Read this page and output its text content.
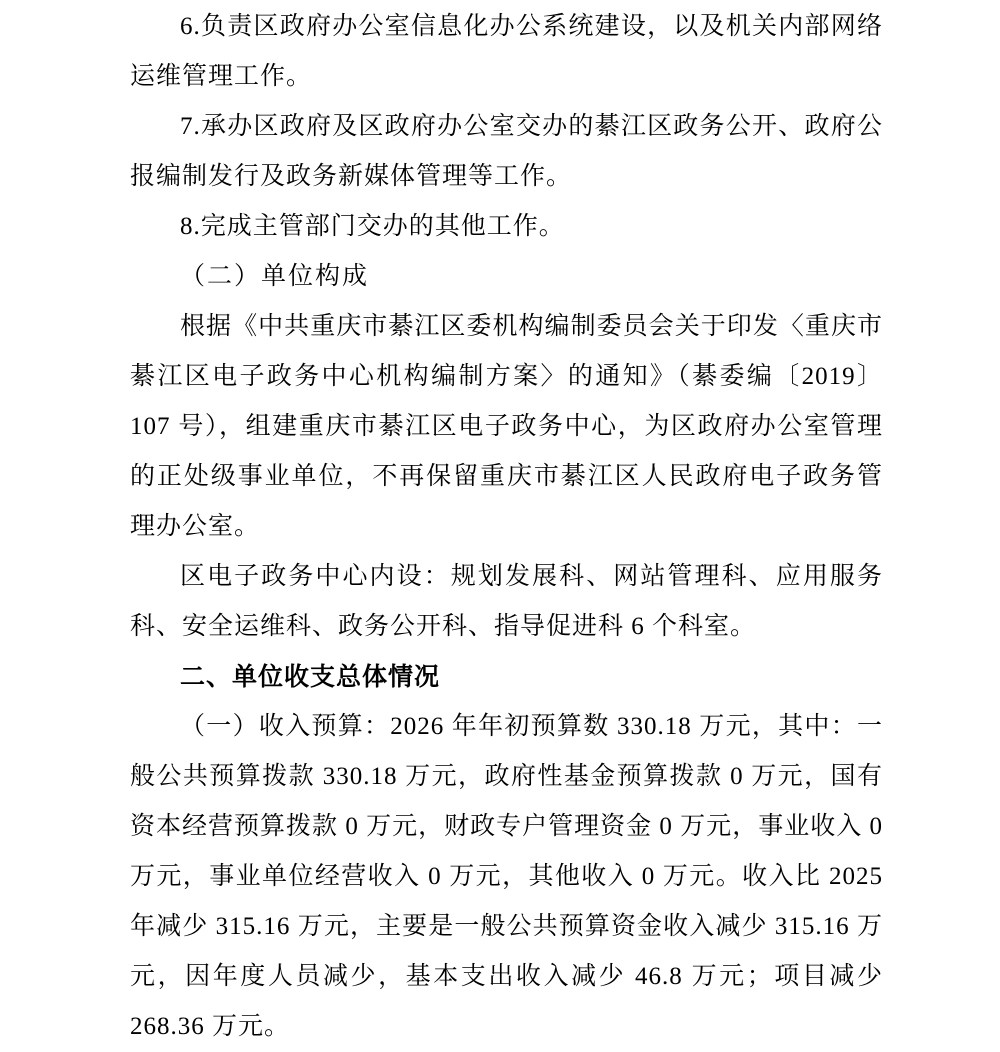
6.负责区政府办公室信息化办公系统建设，以及机关内部网络运维管理工作。

7.承办区政府及区政府办公室交办的綦江区政务公开、政府公报编制发行及政务新媒体管理等工作。

8.完成主管部门交办的其他工作。

（二）单位构成

根据《中共重庆市綦江区委机构编制委员会关于印发〈重庆市綦江区电子政务中心机构编制方案〉的通知》（綦委编〔2019〕107 号），组建重庆市綦江区电子政务中心，为区政府办公室管理的正处级事业单位，不再保留重庆市綦江区人民政府电子政务管理办公室。

区电子政务中心内设：规划发展科、网站管理科、应用服务科、安全运维科、政务公开科、指导促进科 6 个科室。

二、单位收支总体情况

（一）收入预算：2026 年年初预算数 330.18 万元，其中：一般公共预算拨款 330.18 万元，政府性基金预算拨款 0 万元，国有资本经营预算拨款 0 万元，财政专户管理资金 0 万元，事业收入 0 万元，事业单位经营收入 0 万元，其他收入 0 万元。收入比 2025 年减少 315.16 万元，主要是一般公共预算资金收入减少 315.16 万元，因年度人员减少，基本支出收入减少 46.8 万元；项目减少 268.36 万元。
